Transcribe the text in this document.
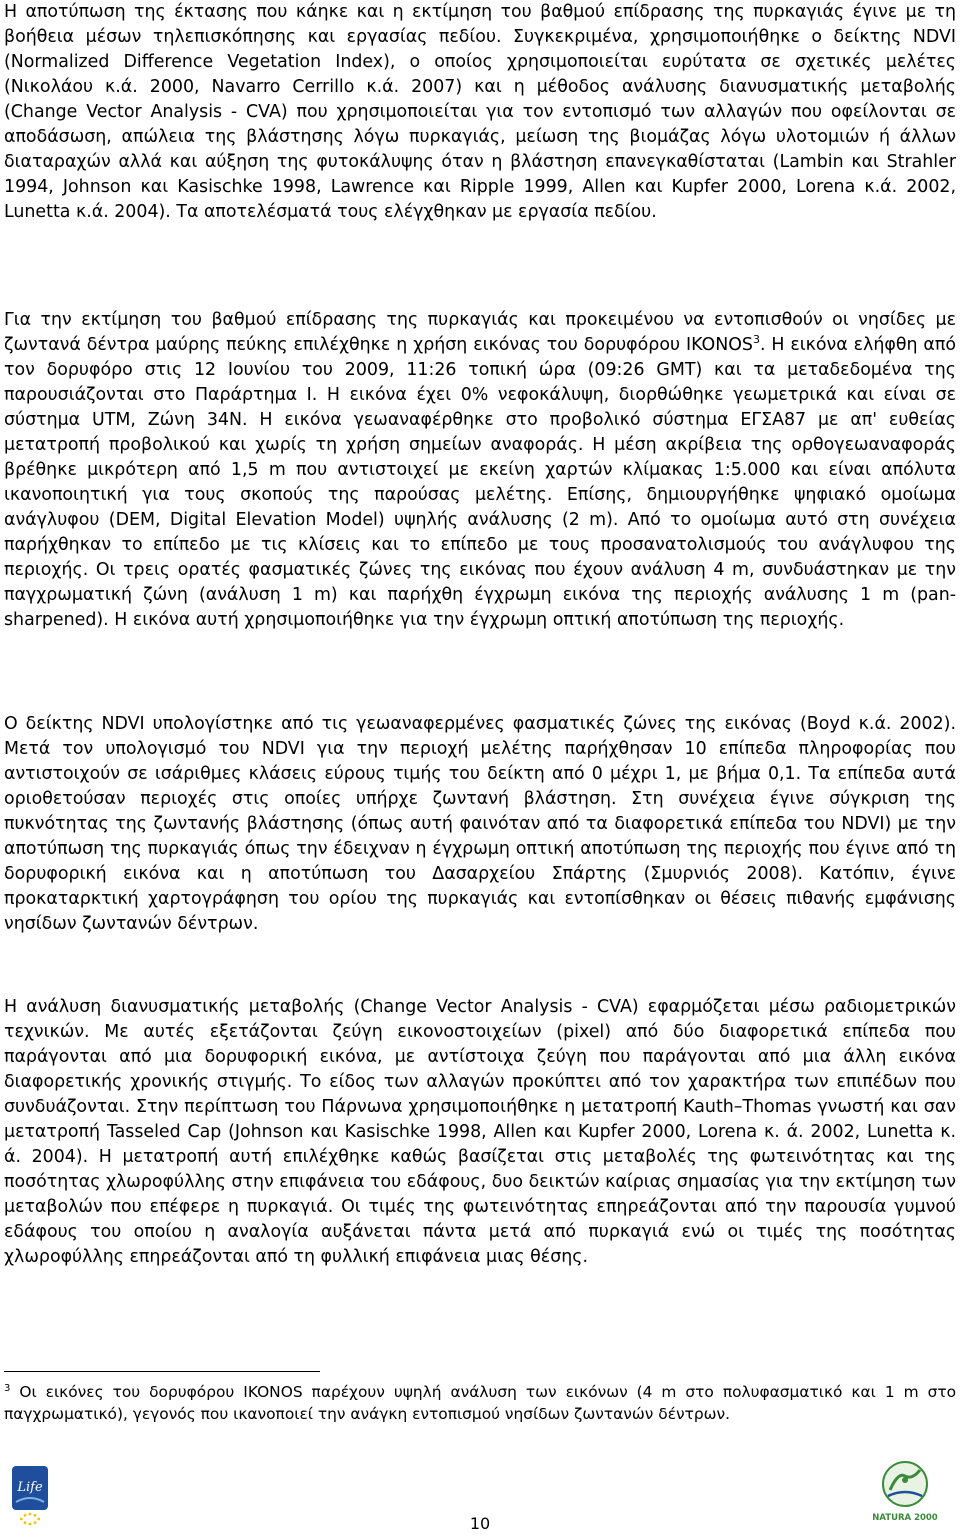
Η αποτύπωση της έκτασης που κάηκε και η εκτίμηση του βαθμού επίδρασης της πυρκαγιάς έγινε με τη βοήθεια μέσων τηλεπισκόπησης και εργασίας πεδίου. Συγκεκριμένα, χρησιμοποιήθηκε ο δείκτης NDVI (Normalized Difference Vegetation Index), ο οποίος χρησιμοποιείται ευρύτατα σε σχετικές μελέτες (Νικολάου κ.ά. 2000, Navarro Cerrillo κ.ά. 2007) και η μέθοδος ανάλυσης διανυσματικής μεταβολής (Change Vector Analysis - CVA) που χρησιμοποιείται για τον εντοπισμό των αλλαγών που οφείλονται σε αποδάσωση, απώλεια της βλάστησης λόγω πυρκαγιάς, μείωση της βιομάζας λόγω υλοτομιών ή άλλων διαταραχών αλλά και αύξηση της φυτοκάλυψης όταν η βλάστηση επανεγκαθίσταται (Lambin και Strahler 1994, Johnson και Kasischke 1998, Lawrence και Ripple 1999, Allen και Kupfer 2000, Lorena κ.ά. 2002, Lunetta κ.ά. 2004). Τα αποτελέσματά τους ελέγχθηκαν με εργασία πεδίου.

Για την εκτίμηση του βαθμού επίδρασης της πυρκαγιάς και προκειμένου να εντοπισθούν οι νησίδες με ζωντανά δέντρα μαύρης πεύκης επιλέχθηκε η χρήση εικόνας του δορυφόρου IKONOS$^3$. Η εικόνα ελήφθη από τον δορυφόρο στις 12 Ιουνίου του 2009, 11:26 τοπική ώρα (09:26 GMT) και τα μεταδεδομένα της παρουσιάζονται στο Παράρτημα Ι. Η εικόνα έχει 0% νεφοκάλυψη, διορθώθηκε γεωμετρικά και είναι σε σύστημα UTM, Ζώνη 34N. Η εικόνα γεωαναφέρθηκε στο προβολικό σύστημα ΕΓΣΑ87 με απ' ευθείας μετατροπή προβολικού και χωρίς τη χρήση σημείων αναφοράς. Η μέση ακρίβεια της ορθογεωαναφοράς βρέθηκε μικρότερη από 1,5 m που αντιστοιχεί με εκείνη χαρτών κλίμακας 1:5.000 και είναι απόλυτα ικανοποιητική για τους σκοπούς της παρούσας μελέτης. Επίσης, δημιουργήθηκε ψηφιακό ομοίωμα ανάγλυφου (DEM, Digital Elevation Model) υψηλής ανάλυσης (2 m). Από το ομοίωμα αυτό στη συνέχεια παρήχθηκαν το επίπεδο με τις κλίσεις και το επίπεδο με τους προσανατολισμούς του ανάγλυφου της περιοχής. Οι τρεις ορατές φασματικές ζώνες της εικόνας που έχουν ανάλυση 4 m, συνδυάστηκαν με την παγχρωματική ζώνη (ανάλυση 1 m) και παρήχθη έγχρωμη εικόνα της περιοχής ανάλυσης 1 m (pan-sharpened). Η εικόνα αυτή χρησιμοποιήθηκε για την έγχρωμη οπτική αποτύπωση της περιοχής.

Ο δείκτης NDVI υπολογίστηκε από τις γεωαναφερμένες φασματικές ζώνες της εικόνας (Boyd κ.ά. 2002). Μετά τον υπολογισμό του NDVI για την περιοχή μελέτης παρήχθησαν 10 επίπεδα πληροφορίας που αντιστοιχούν σε ισάριθμες κλάσεις εύρους τιμής του δείκτη από 0 μέχρι 1, με βήμα 0,1. Τα επίπεδα αυτά οριοθετούσαν περιοχές στις οποίες υπήρχε ζωντανή βλάστηση. Στη συνέχεια έγινε σύγκριση της πυκνότητας της ζωντανής βλάστησης (όπως αυτή φαινόταν από τα διαφορετικά επίπεδα του NDVI) με την αποτύπωση της πυρκαγιάς όπως την έδειχναν η έγχρωμη οπτική αποτύπωση της περιοχής που έγινε από τη δορυφορική εικόνα και η αποτύπωση του Δασαρχείου Σπάρτης (Σμυρνιός 2008). Κατόπιν, έγινε προκαταρκτική χαρτογράφηση του ορίου της πυρκαγιάς και εντοπίσθηκαν οι θέσεις πιθανής εμφάνισης νησίδων ζωντανών δέντρων.

Η ανάλυση διανυσματικής μεταβολής (Change Vector Analysis - CVA) εφαρμόζεται μέσω ραδιομετρικών τεχνικών. Με αυτές εξετάζονται ζεύγη εικονοστοιχείων (pixel) από δύο διαφορετικά επίπεδα που παράγονται από μια δορυφορική εικόνα, με αντίστοιχα ζεύγη που παράγονται από μια άλλη εικόνα διαφορετικής χρονικής στιγμής. Το είδος των αλλαγών προκύπτει από τον χαρακτήρα των επιπέδων που συνδυάζονται. Στην περίπτωση του Πάρνωνα χρησιμοποιήθηκε η μετατροπή Kauth–Thomas γνωστή και σαν μετατροπή Tasseled Cap (Johnson και Kasischke 1998, Allen και Kupfer 2000, Lorena κ. ά. 2002, Lunetta κ. ά. 2004). Η μετατροπή αυτή επιλέχθηκε καθώς βασίζεται στις μεταβολές της φωτεινότητας και της ποσότητας χλωροφύλλης στην επιφάνεια του εδάφους, δυο δεικτών καίριας σημασίας για την εκτίμηση των μεταβολών που επέφερε η πυρκαγιά. Οι τιμές της φωτεινότητας επηρεάζονται από την παρουσία γυμνού εδάφους του οποίου η αναλογία αυξάνεται πάντα μετά από πυρκαγιά ενώ οι τιμές της ποσότητας χλωροφύλλης επηρεάζονται από τη φυλλική επιφάνεια μιας θέσης.

$^3$ Οι εικόνες του δορυφόρου IKONOS παρέχουν υψηλή ανάλυση των εικόνων (4 m στο πολυφασματικό και 1 m στο παγχρωματικό), γεγονός που ικανοποιεί την ανάγκη εντοπισμού νησίδων ζωντανών δέντρων.

Life
NATURA 2000
10
